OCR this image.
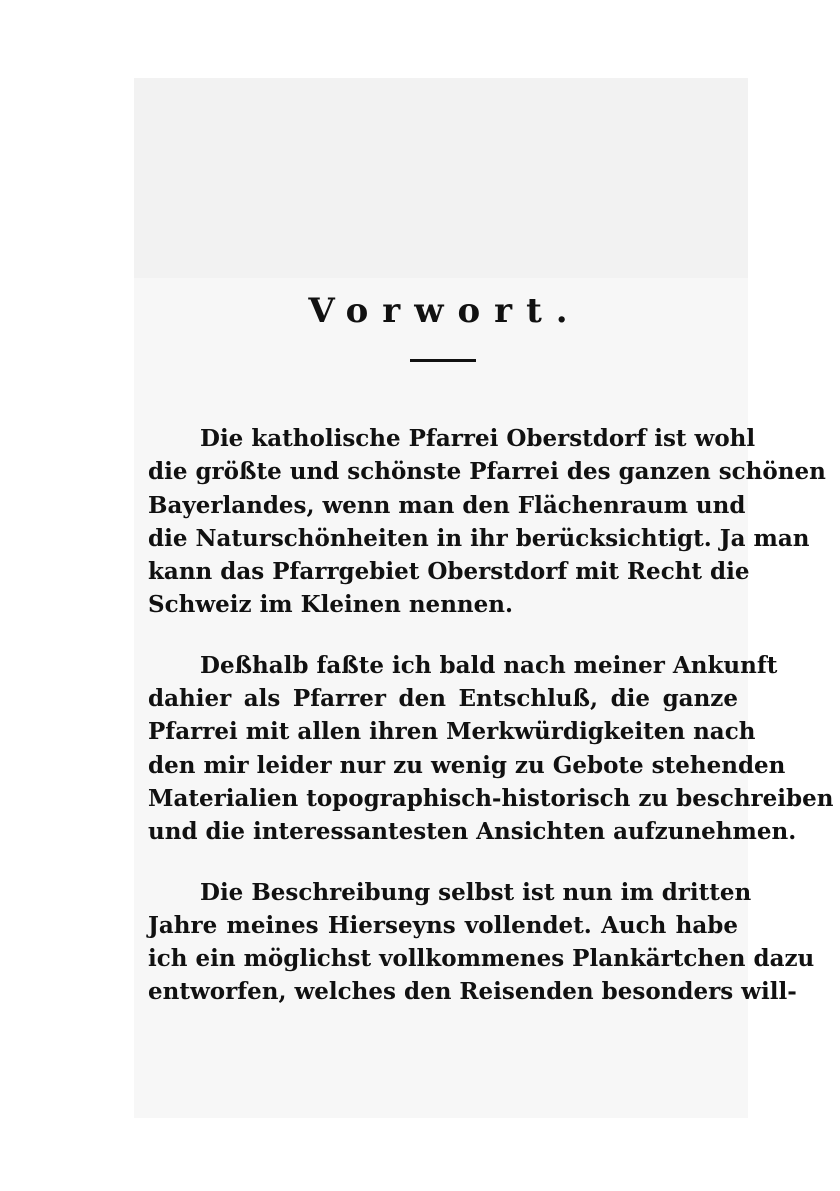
Vorwort.

Die katholische Pfarrei Oberstdorf ist wohl
die größte und schönste Pfarrei des ganzen schönen
Bayerlandes, wenn man den Flächenraum und
die Naturschönheiten in ihr berücksichtigt. Ja man
kann das Pfarrgebiet Oberstdorf mit Recht die
Schweiz im Kleinen nennen.

Deßhalb faßte ich bald nach meiner Ankunft
dahier als Pfarrer den Entschluß, die ganze
Pfarrei mit allen ihren Merkwürdigkeiten nach
den mir leider nur zu wenig zu Gebote stehenden
Materialien topographisch-historisch zu beschreiben
und die interessantesten Ansichten aufzunehmen.

Die Beschreibung selbst ist nun im dritten
Jahre meines Hierseyns vollendet. Auch habe
ich ein möglichst vollkommenes Plankärtchen dazu
entworfen, welches den Reisenden besonders will-
